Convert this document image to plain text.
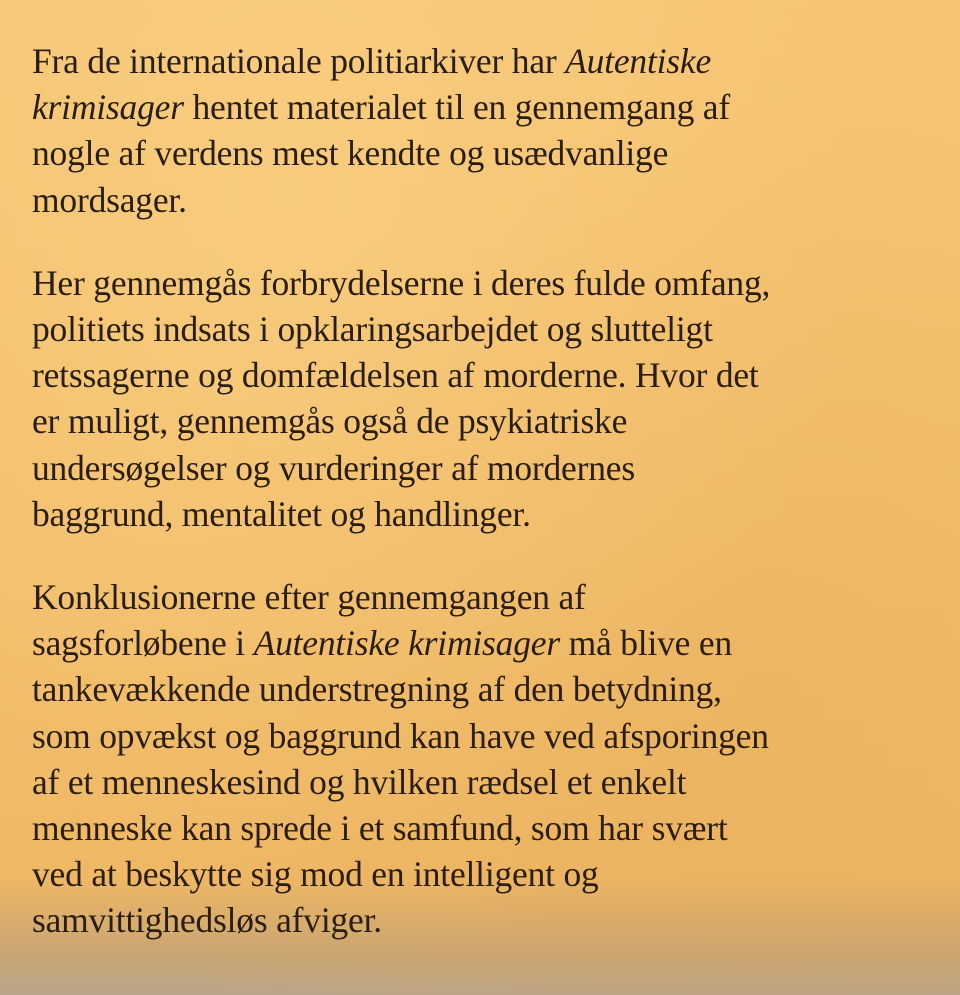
Fra de internationale politiarkiver har Autentiske
krimisager hentet materialet til en gennemgang af
nogle af verdens mest kendte og usædvanlige
mordsager.
Her gennemgås forbrydelserne i deres fulde omfang,
politiets indsats i opklaringsarbejdet og slutteligt
retssagerne og domfældelsen af morderne. Hvor det
er muligt, gennemgås også de psykiatriske
undersøgelser og vurderinger af mordernes
baggrund, mentalitet og handlinger.
Konklusionerne efter gennemgangen af
sagsforløbene i Autentiske krimisager må blive en
tankevækkende understregning af den betydning,
som opvækst og baggrund kan have ved afsporingen
af et menneskesind og hvilken rædsel et enkelt
menneske kan sprede i et samfund, som har svært
ved at beskytte sig mod en intelligent og
samvittighedsløs afviger.
